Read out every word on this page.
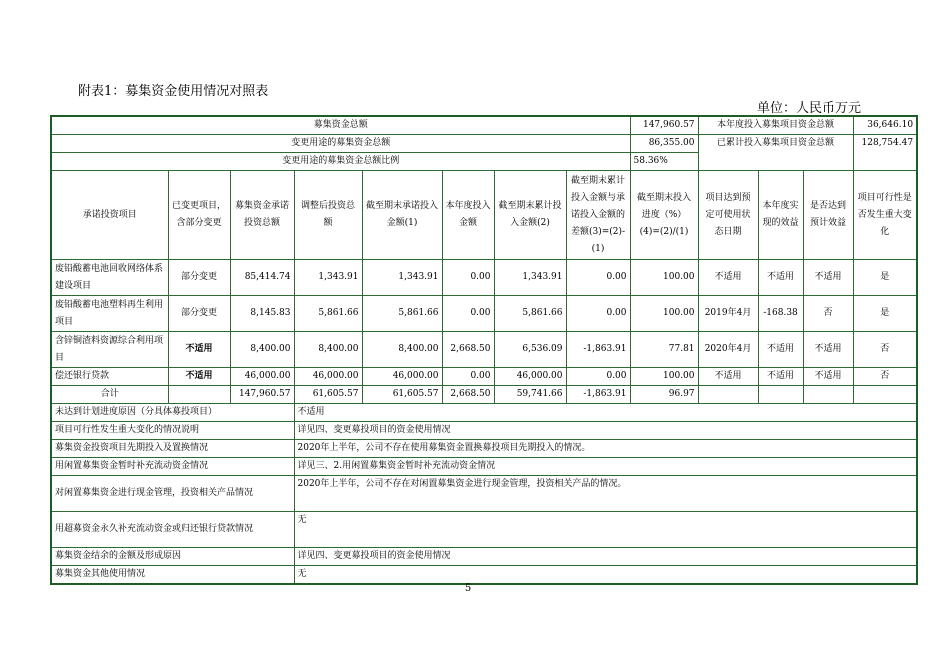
附表1：募集资金使用情况对照表
单位：人民币万元
募集资金总额								147,960.57	本年度投入募集项目资金总额			36,646.10
变更用途的募集资金总额								86,355.00	已累计投入募集项目资金总额			128,754.47
变更用途的募集资金总额比例								58.36%				
承诺投资项目	已变更项目，含部分变更	募集资金承诺投资总额	调整后投资总额	截至期末承诺投入金额(1)	本年度投入金额	截至期末累计投入金额(2)	截至期末累计投入金额与承诺投入金额的差额(3)=(2)-(1)	截至期末投入进度（%）(4)=(2)/(1)	项目达到预定可使用状态日期	本年度实现的效益	是否达到预计效益	项目可行性是否发生重大变化
废铅酸蓄电池回收网络体系建设项目	部分变更	85,414.74	1,343.91	1,343.91	0.00	1,343.91	0.00	100.00	不适用	不适用	不适用	是
废铅酸蓄电池塑料再生利用项目	部分变更	8,145.83	5,861.66	5,861.66	0.00	5,861.66	0.00	100.00	2019年4月	-168.38	否	是
含锌铜渣料资源综合利用项目	不适用	8,400.00	8,400.00	8,400.00	2,668.50	6,536.09	-1,863.91	77.81	2020年4月	不适用	不适用	否
偿还银行贷款	不适用	46,000.00	46,000.00	46,000.00	0.00	46,000.00	0.00	100.00	不适用	不适用	不适用	否
合计		147,960.57	61,605.57	61,605.57	2,668.50	59,741.66	-1,863.91	96.97				
未达到计划进度原因（分具体募投项目）			不适用									
项目可行性发生重大变化的情况说明			详见四、变更募投项目的资金使用情况									
募集资金投资项目先期投入及置换情况			2020年上半年，公司不存在使用募集资金置换募投项目先期投入的情况。									
用闲置募集资金暂时补充流动资金情况			详见三、2.用闲置募集资金暂时补充流动资金情况									
对闲置募集资金进行现金管理，投资相关产品情况			2020年上半年，公司不存在对闲置募集资金进行现金管理，投资相关产品的情况。									
用超募资金永久补充流动资金或归还银行贷款情况			无									
募集资金结余的金额及形成原因			详见四、变更募投项目的资金使用情况									
募集资金其他使用情况			无									
5
